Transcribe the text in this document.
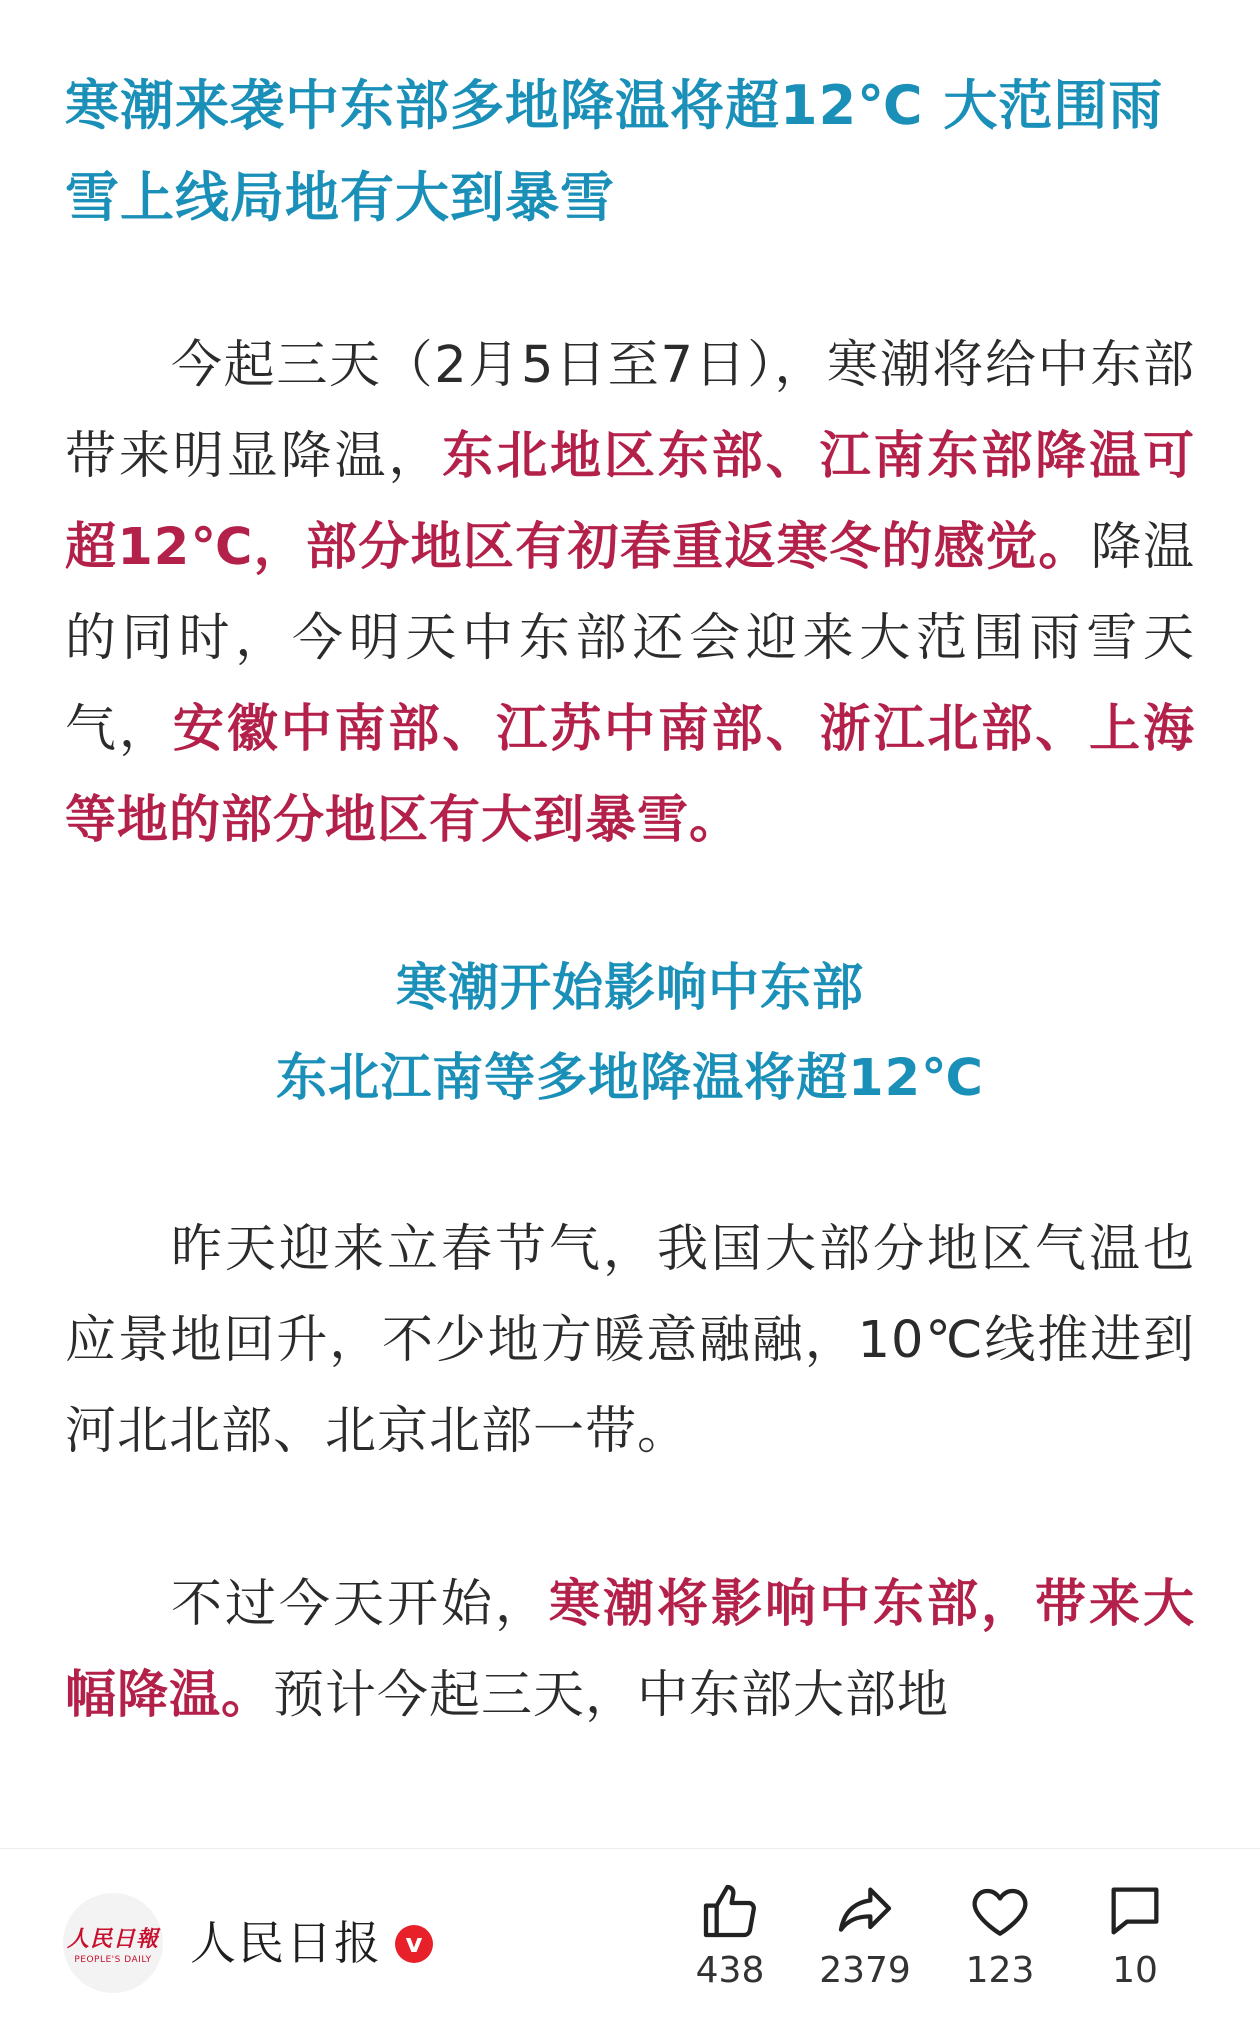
寒潮来袭中东部多地降温将超12℃ 大范围雨雪上线局地有大到暴雪

今起三天（2月5日至7日），寒潮将给中东部带来明显降温，东北地区东部、江南东部降温可超12℃，部分地区有初春重返寒冬的感觉。降温的同时，今明天中东部还会迎来大范围雨雪天气，安徽中南部、江苏中南部、浙江北部、上海等地的部分地区有大到暴雪。

寒潮开始影响中东部
东北江南等多地降温将超12℃

昨天迎来立春节气，我国大部分地区气温也应景地回升，不少地方暖意融融，10℃线推进到河北北部、北京北部一带。

不过今天开始，寒潮将影响中东部，带来大幅降温。预计今起三天，中东部大部地

人民日報
PEOPLE'S DAILY 人民日报 v
438	2379	123	10
